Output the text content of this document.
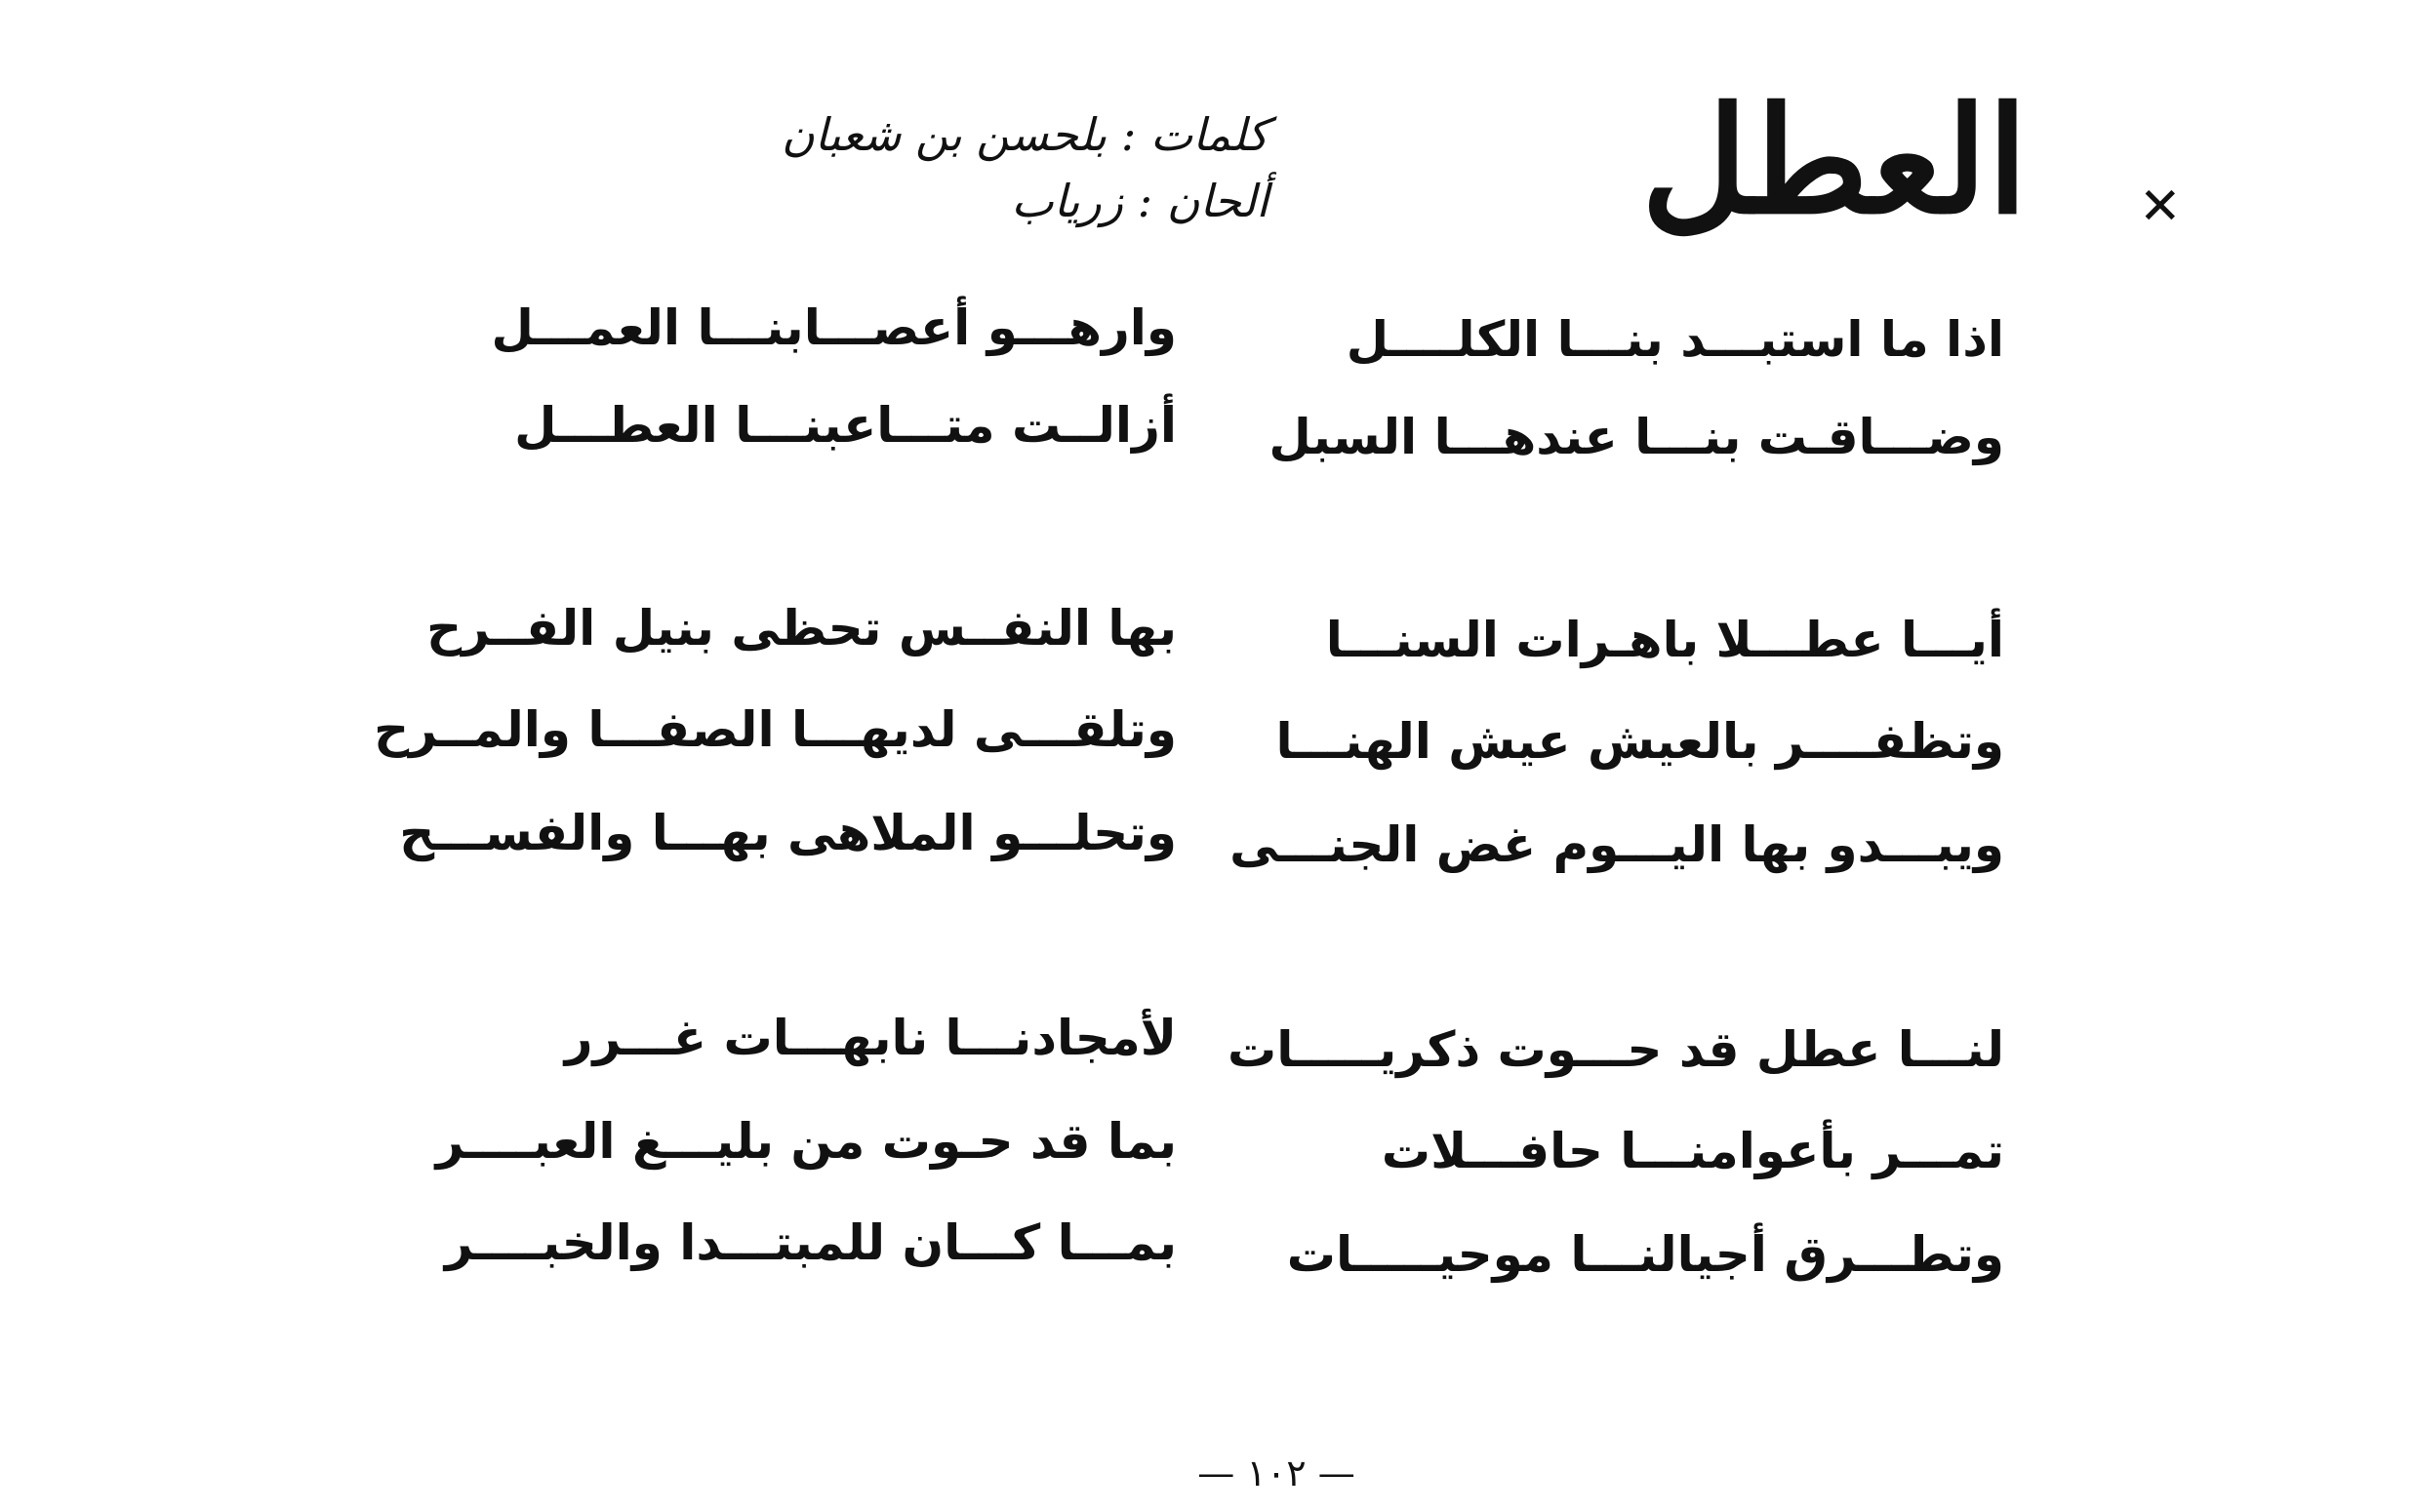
العطل	✕
كلمات : بلحسن بن شعبان
ألحان : زرياب
اذا ما استبـــد بنـــا الكلــــل
وضـــاقـت بنـــا عندهـــا السبل
وارهـــو أعصـــابنـــا العمـــل
أزالــت متـــاعبنـــا العطـــل
أيـــا عطـــلا باهـرات السنـــا
وتظفــــر بالعيش عيش الهنـــا
ويبـــدو بها اليـــوم غض الجنـــى
بها النفــس تحظى بنيل الفــرح
وتلقـــى لديهـــا الصفـــا والمــرح
وتحلـــو الملاهى بهـــا والفســـح
لنـــا عطل قد حـــوت ذكريـــــات
تمـــر بأعوامنـــا حافـــلات
وتطـــرق أجيالنـــا موحيـــــات
لأمجادنـــا نابهـــات غـــرر
بما قد حـوت من بليـــغ العبــــر
بمـــا كـــان للمبتـــدا والخبــــر
— ١٠٢ —
